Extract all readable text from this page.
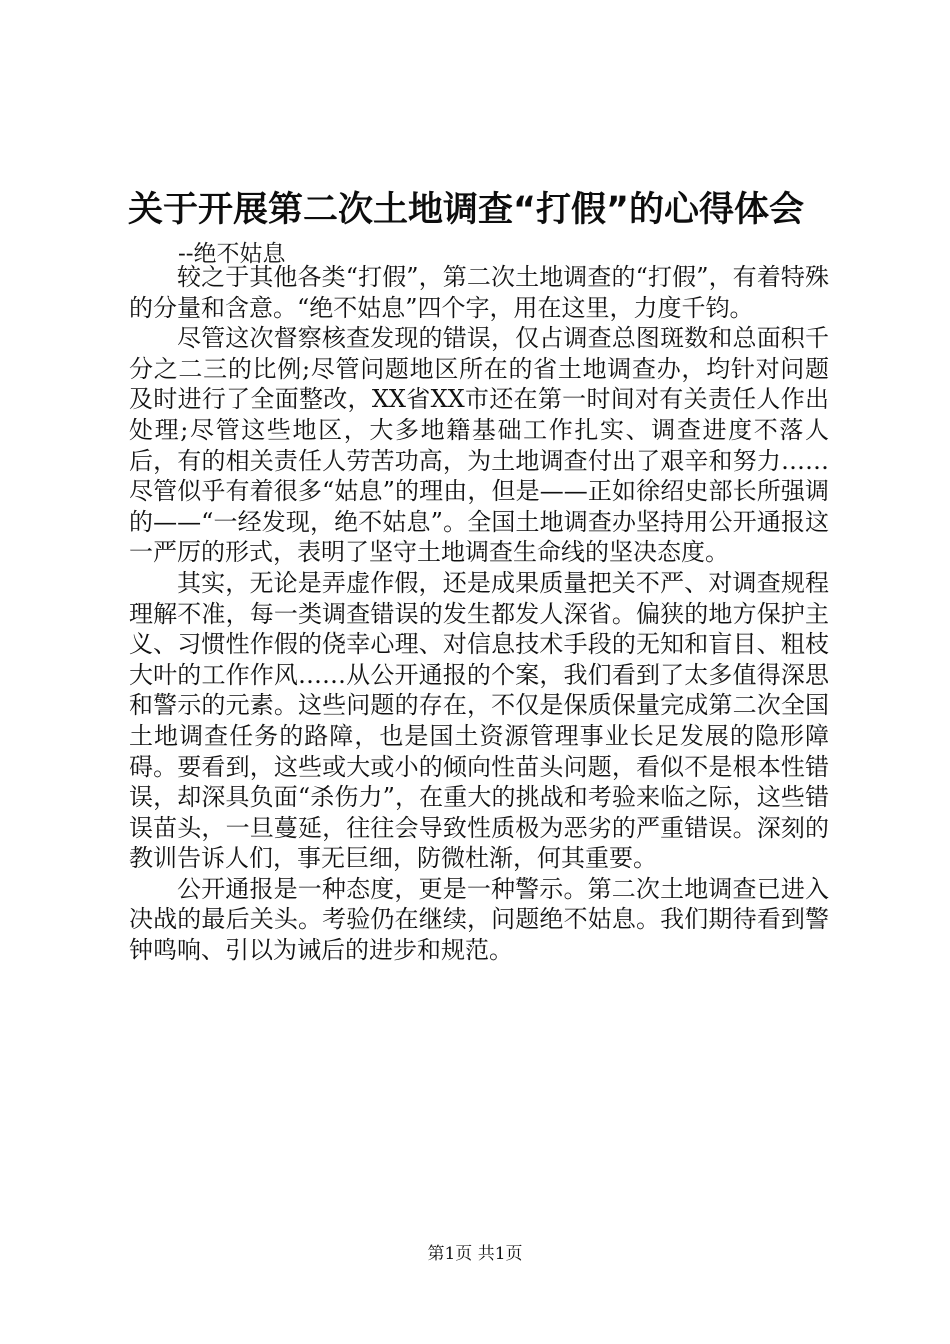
关于开展第二次土地调查“打假”的心得体会
--绝不姑息

较之于其他各类“打假”，第二次土地调查的“打假”，有着特殊的分量和含意。“绝不姑息”四个字，用在这里，力度千钧。

尽管这次督察核查发现的错误，仅占调查总图斑数和总面积千分之二三的比例;尽管问题地区所在的省土地调查办，均针对问题及时进行了全面整改，XX省XX市还在第一时间对有关责任人作出处理;尽管这些地区，大多地籍基础工作扎实、调查进度不落人后，有的相关责任人劳苦功高，为土地调查付出了艰辛和努力……尽管似乎有着很多“姑息”的理由，但是——正如徐绍史部长所强调的——“一经发现，绝不姑息”。全国土地调查办坚持用公开通报这一严厉的形式，表明了坚守土地调查生命线的坚决态度。

其实，无论是弄虚作假，还是成果质量把关不严、对调查规程理解不准，每一类调查错误的发生都发人深省。偏狭的地方保护主义、习惯性作假的侥幸心理、对信息技术手段的无知和盲目、粗枝大叶的工作作风……从公开通报的个案，我们看到了太多值得深思和警示的元素。这些问题的存在，不仅是保质保量完成第二次全国土地调查任务的路障，也是国土资源管理事业长足发展的隐形障碍。要看到，这些或大或小的倾向性苗头问题，看似不是根本性错误，却深具负面“杀伤力”，在重大的挑战和考验来临之际，这些错误苗头，一旦蔓延，往往会导致性质极为恶劣的严重错误。深刻的教训告诉人们，事无巨细，防微杜渐，何其重要。

公开通报是一种态度，更是一种警示。第二次土地调查已进入决战的最后关头。考验仍在继续，问题绝不姑息。我们期待看到警钟鸣响、引以为诫后的进步和规范。

第1页 共1页
